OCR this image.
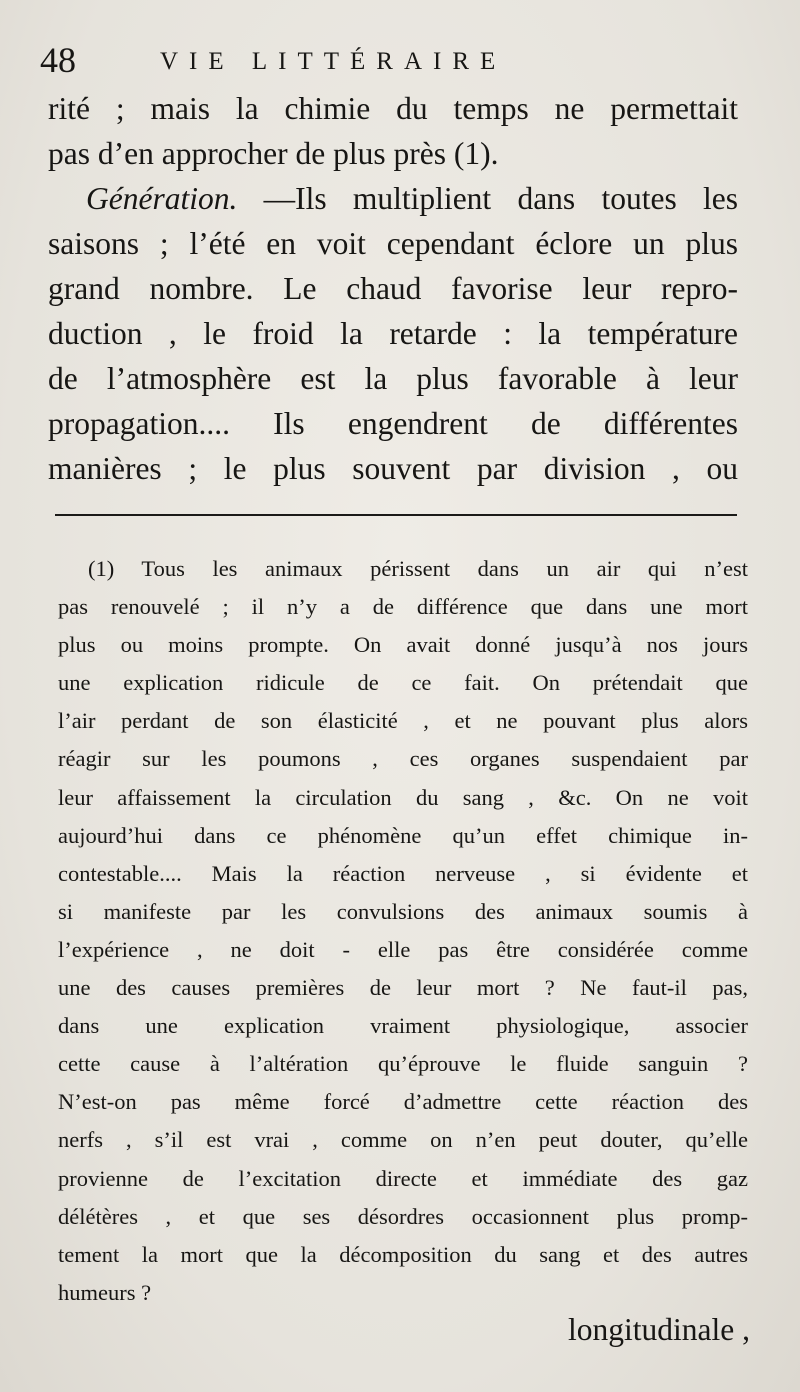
48	VIE LITTÉRAIRE
rité ; mais la chimie du temps ne permettait
pas d’en approcher de plus près (1).
Génération. —Ils multiplient dans toutes les
saisons ; l’été en voit cependant éclore un plus
grand nombre. Le chaud favorise leur repro-
duction , le froid la retarde : la température
de l’atmosphère est la plus favorable à leur
propagation.... Ils engendrent de différentes
manières ; le plus souvent par division , ou
(1) Tous les animaux périssent dans un air qui n’est
pas renouvelé ; il n’y a de différence que dans une mort
plus ou moins prompte. On avait donné jusqu’à nos jours
une explication ridicule de ce fait. On prétendait que
l’air perdant de son élasticité , et ne pouvant plus alors
réagir sur les poumons , ces organes suspendaient par
leur affaissement la circulation du sang , &c. On ne voit
aujourd’hui dans ce phénomène qu’un effet chimique in-
contestable.... Mais la réaction nerveuse , si évidente et
si manifeste par les convulsions des animaux soumis à
l’expérience , ne doit - elle pas être considérée comme
une des causes premières de leur mort ? Ne faut-il pas,
dans une explication vraiment physiologique, associer
cette cause à l’altération qu’éprouve le fluide sanguin ?
N’est-on pas même forcé d’admettre cette réaction des
nerfs , s’il est vrai , comme on n’en peut douter, qu’elle
provienne de l’excitation directe et immédiate des gaz
délétères , et que ses désordres occasionnent plus promp-
tement la mort que la décomposition du sang et des autres
humeurs ?
longitudinale ,
